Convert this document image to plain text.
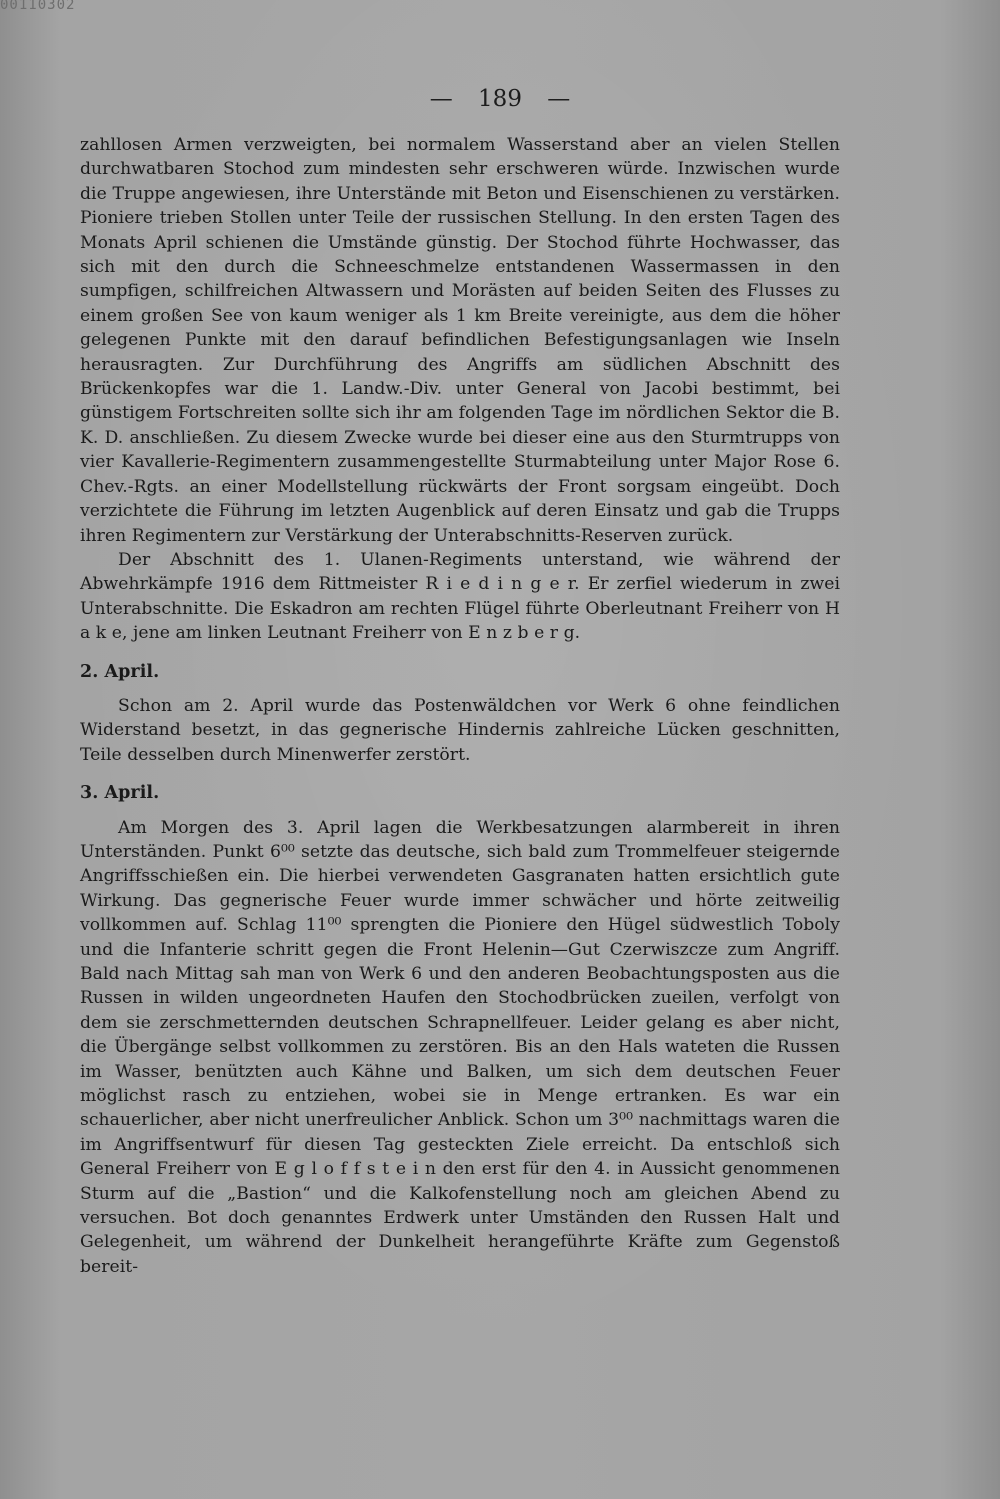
00110302
— 189 —

zahllosen Armen verzweigten, bei normalem Wasserstand aber an vielen Stellen durchwatbaren Stochod zum mindesten sehr erschweren würde. Inzwischen wurde die Truppe angewiesen, ihre Unterstände mit Beton und Eisenschienen zu verstärken. Pioniere trieben Stollen unter Teile der russischen Stellung. In den ersten Tagen des Monats April schienen die Umstände günstig. Der Stochod führte Hochwasser, das sich mit den durch die Schneeschmelze entstandenen Wassermassen in den sumpfigen, schilfreichen Altwassern und Morästen auf beiden Seiten des Flusses zu einem großen See von kaum weniger als 1 km Breite vereinigte, aus dem die höher gelegenen Punkte mit den darauf befindlichen Befestigungsanlagen wie Inseln herausragten. Zur Durchführung des Angriffs am südlichen Abschnitt des Brückenkopfes war die 1. Landw.-Div. unter General von Jacobi bestimmt, bei günstigem Fortschreiten sollte sich ihr am folgenden Tage im nördlichen Sektor die B. K. D. anschließen. Zu diesem Zwecke wurde bei dieser eine aus den Sturmtrupps von vier Kavallerie-Regimentern zusammengestellte Sturmabteilung unter Major Rose 6. Chev.-Rgts. an einer Modellstellung rückwärts der Front sorgsam eingeübt. Doch verzichtete die Führung im letzten Augenblick auf deren Einsatz und gab die Trupps ihren Regimentern zur Verstärkung der Unterabschnitts-Reserven zurück.

Der Abschnitt des 1. Ulanen-Regiments unterstand, wie während der Abwehrkämpfe 1916 dem Rittmeister R i e d i n g e r. Er zerfiel wiederum in zwei Unterabschnitte. Die Eskadron am rechten Flügel führte Oberleutnant Freiherr von H a k e, jene am linken Leutnant Freiherr von E n z b e r g.

2. April.

Schon am 2. April wurde das Postenwäldchen vor Werk 6 ohne feindlichen Widerstand besetzt, in das gegnerische Hindernis zahlreiche Lücken geschnitten, Teile desselben durch Minenwerfer zerstört.

3. April.

Am Morgen des 3. April lagen die Werkbesatzungen alarmbereit in ihren Unterständen. Punkt 6⁰⁰ setzte das deutsche, sich bald zum Trommelfeuer steigernde Angriffsschießen ein. Die hierbei verwendeten Gasgranaten hatten ersichtlich gute Wirkung. Das gegnerische Feuer wurde immer schwächer und hörte zeitweilig vollkommen auf. Schlag 11⁰⁰ sprengten die Pioniere den Hügel südwestlich Toboly und die Infanterie schritt gegen die Front Helenin—Gut Czerwiszcze zum Angriff. Bald nach Mittag sah man von Werk 6 und den anderen Beobachtungsposten aus die Russen in wilden ungeordneten Haufen den Stochodbrücken zueilen, verfolgt von dem sie zerschmetternden deutschen Schrapnellfeuer. Leider gelang es aber nicht, die Übergänge selbst vollkommen zu zerstören. Bis an den Hals wateten die Russen im Wasser, benützten auch Kähne und Balken, um sich dem deutschen Feuer möglichst rasch zu entziehen, wobei sie in Menge ertranken. Es war ein schauerlicher, aber nicht unerfreulicher Anblick. Schon um 3⁰⁰ nachmittags waren die im Angriffsentwurf für diesen Tag gesteckten Ziele erreicht. Da entschloß sich General Freiherr von E g l o f f s t e i n den erst für den 4. in Aussicht genommenen Sturm auf die „Bastion“ und die Kalkofenstellung noch am gleichen Abend zu versuchen. Bot doch genanntes Erdwerk unter Umständen den Russen Halt und Gelegenheit, um während der Dunkelheit herangeführte Kräfte zum Gegenstoß bereit-
